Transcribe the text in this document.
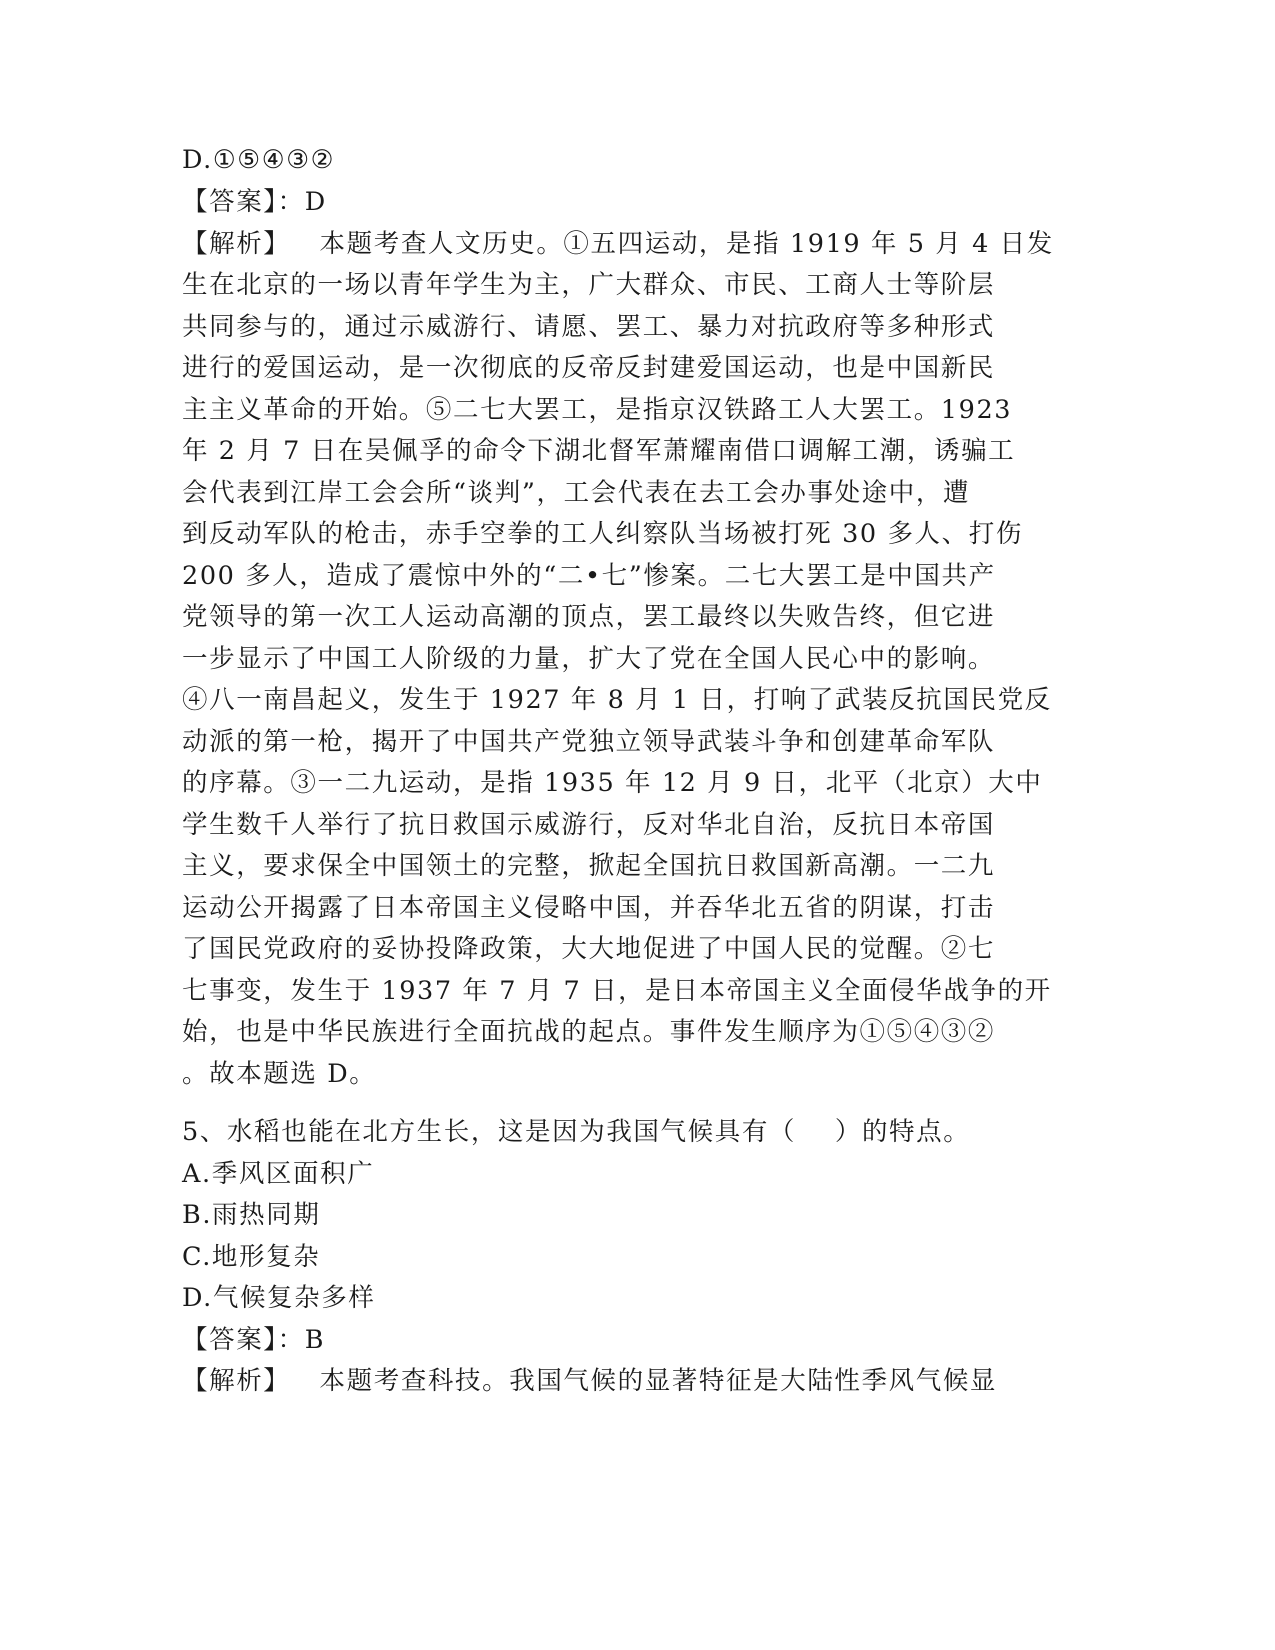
D.①⑤④③②
【答案】：D
【解析】   本题考查人文历史。①五四运动，是指 1919 年 5 月 4 日发
生在北京的一场以青年学生为主，广大群众、市民、工商人士等阶层
共同参与的，通过示威游行、请愿、罢工、暴力对抗政府等多种形式
进行的爱国运动，是一次彻底的反帝反封建爱国运动，也是中国新民
主主义革命的开始。⑤二七大罢工，是指京汉铁路工人大罢工。1923
年 2 月 7 日在吴佩孚的命令下湖北督军萧耀南借口调解工潮，诱骗工
会代表到江岸工会会所“谈判”，工会代表在去工会办事处途中，遭
到反动军队的枪击，赤手空拳的工人纠察队当场被打死 30 多人、打伤
200 多人，造成了震惊中外的“二•七”惨案。二七大罢工是中国共产
党领导的第一次工人运动高潮的顶点，罢工最终以失败告终，但它进
一步显示了中国工人阶级的力量，扩大了党在全国人民心中的影响。
④八一南昌起义，发生于 1927 年 8 月 1 日，打响了武装反抗国民党反
动派的第一枪，揭开了中国共产党独立领导武装斗争和创建革命军队
的序幕。③一二九运动，是指 1935 年 12 月 9 日，北平（北京）大中
学生数千人举行了抗日救国示威游行，反对华北自治，反抗日本帝国
主义，要求保全中国领土的完整，掀起全国抗日救国新高潮。一二九
运动公开揭露了日本帝国主义侵略中国，并吞华北五省的阴谋，打击
了国民党政府的妥协投降政策，大大地促进了中国人民的觉醒。②七
七事变，发生于 1937 年 7 月 7 日，是日本帝国主义全面侵华战争的开
始，也是中华民族进行全面抗战的起点。事件发生顺序为①⑤④③②
。故本题选 D。
5、水稻也能在北方生长，这是因为我国气候具有（    ）的特点。
A.季风区面积广
B.雨热同期
C.地形复杂
D.气候复杂多样
【答案】：B
【解析】   本题考查科技。我国气候的显著特征是大陆性季风气候显
